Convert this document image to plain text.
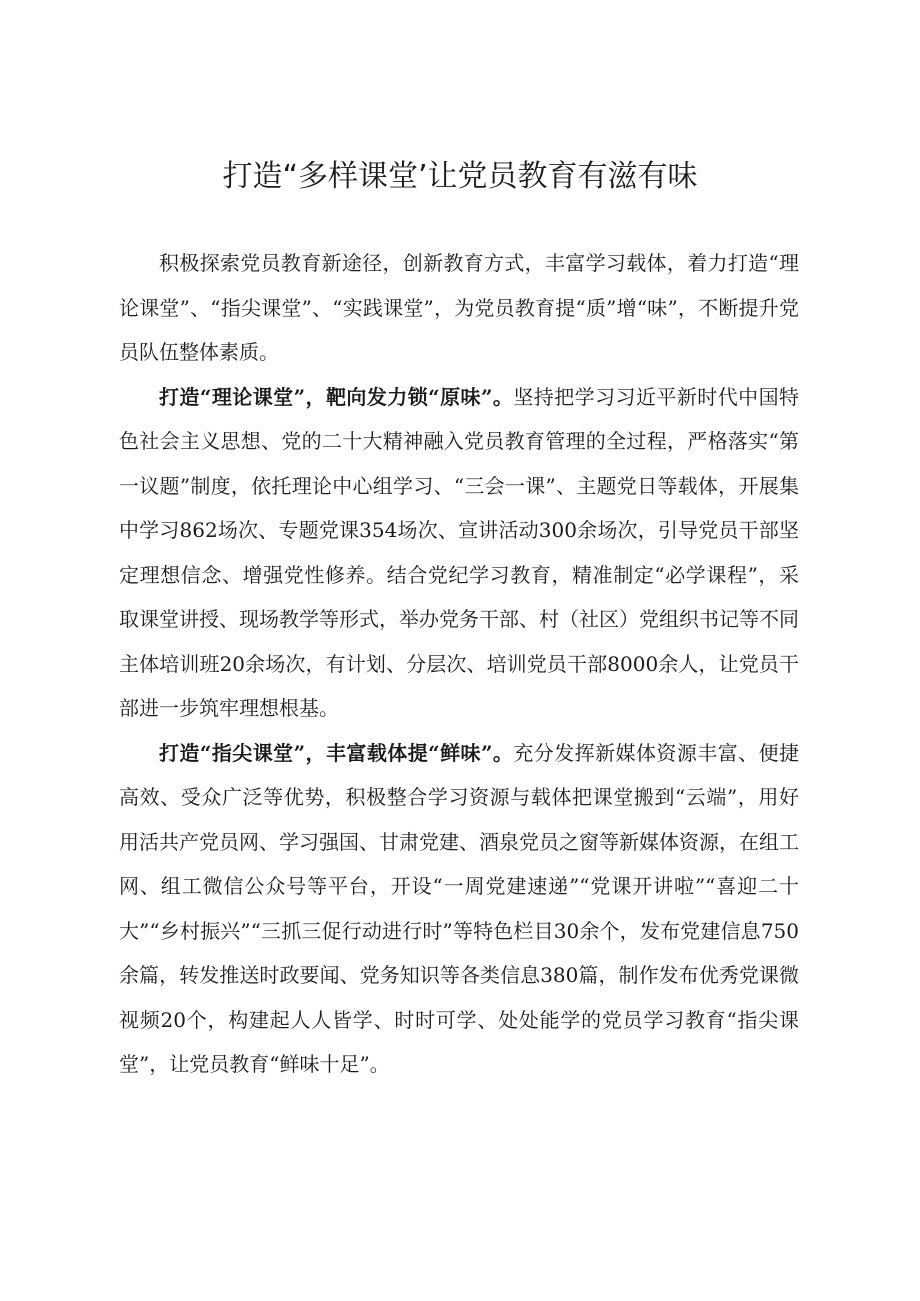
打造“多样课堂’让党员教育有滋有味

积极探索党员教育新途径，创新教育方式，丰富学习载体，着力打造“理论课堂”、“指尖课堂”、“实践课堂”，为党员教育提“质”增“味”，不断提升党员队伍整体素质。

打造“理论课堂”，靶向发力锁“原味”。坚持把学习习近平新时代中国特色社会主义思想、党的二十大精神融入党员教育管理的全过程，严格落实“第一议题”制度，依托理论中心组学习、“三会一课”、主题党日等载体，开展集中学习862场次、专题党课354场次、宣讲活动300余场次，引导党员干部坚定理想信念、增强党性修养。结合党纪学习教育，精准制定“必学课程”，采取课堂讲授、现场教学等形式，举办党务干部、村（社区）党组织书记等不同主体培训班20余场次，有计划、分层次、培训党员干部8000余人，让党员干部进一步筑牢理想根基。

打造“指尖课堂”，丰富载体提“鲜味”。充分发挥新媒体资源丰富、便捷高效、受众广泛等优势，积极整合学习资源与载体把课堂搬到“云端”，用好用活共产党员网、学习强国、甘肃党建、酒泉党员之窗等新媒体资源，在组工网、组工微信公众号等平台，开设“一周党建速递”“党课开讲啦”“喜迎二十大”“乡村振兴”“三抓三促行动进行时”等特色栏目30余个，发布党建信息750余篇，转发推送时政要闻、党务知识等各类信息380篇，制作发布优秀党课微视频20个，构建起人人皆学、时时可学、处处能学的党员学习教育“指尖课堂”，让党员教育“鲜味十足”。
